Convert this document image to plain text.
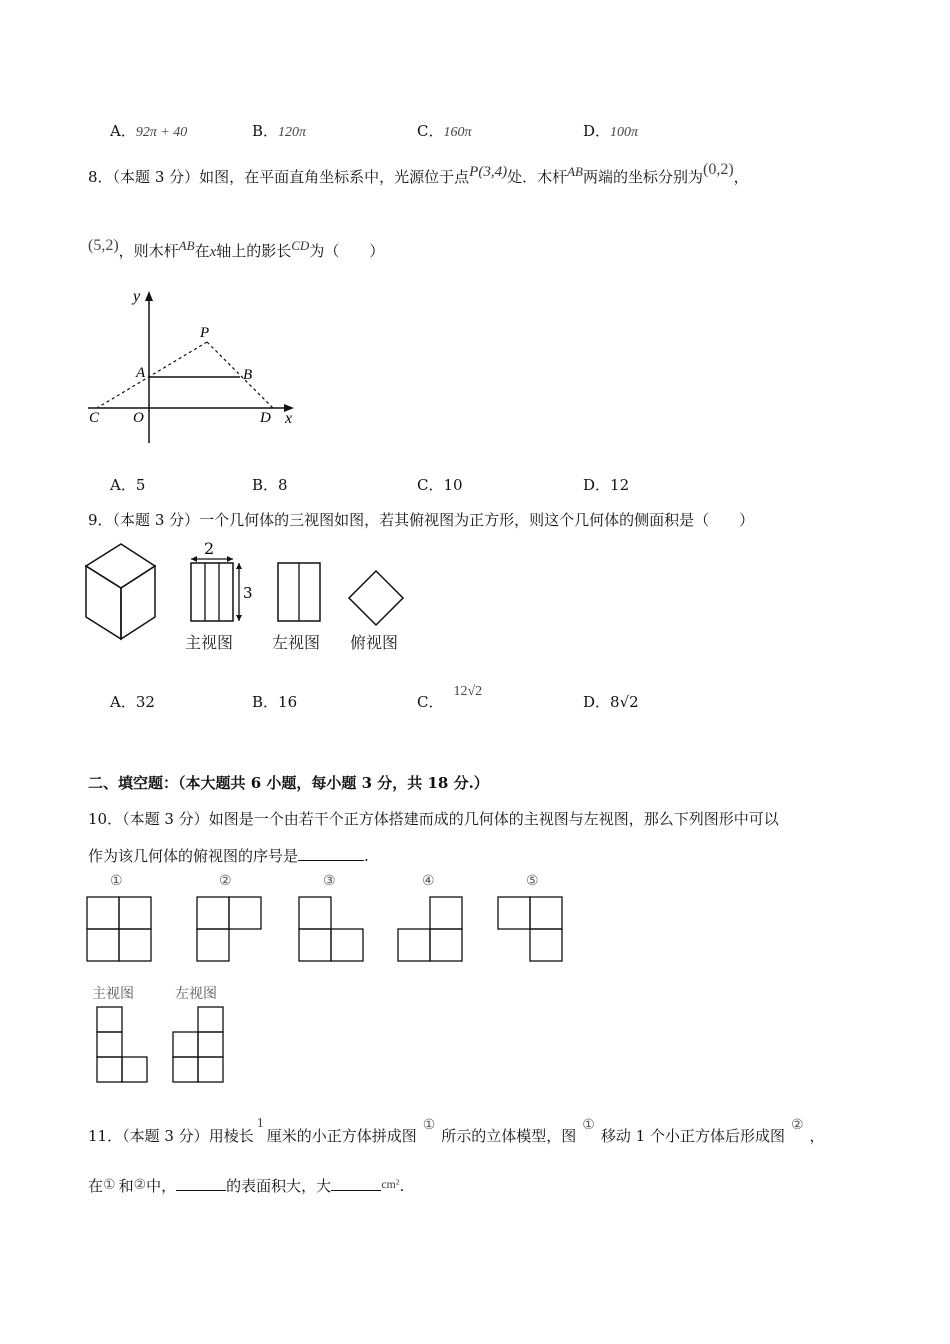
A．92π + 40	B．120π	C．160π	D．100π
8．（本题 3 分）如图，在平面直角坐标系中，光源位于点P(3,4)处．木杆AB两端的坐标分别为(0,2)，
(5,2)，则木杆AB在x轴上的影长CD为（　　）
y
x
P
A	B
C O	D
A．5	B．8	C．10	D．12
9．（本题 3 分）一个几何体的三视图如图，若其俯视图为正方形，则这个几何体的侧面积是（　　）
2
3
主视图 左视图 俯视图
A．32	B．16	C．12√2
D．8√2
二、填空题：（本大题共 6 小题，每小题 3 分，共 18 分.）
10．（本题 3 分）如图是一个由若干个正方体搭建而成的几何体的主视图与左视图，那么下列图形中可以
作为该几何体的俯视图的序号是	.
①	②	③	④	⑤
主视图	左视图
11．（本题 3 分）用棱长1厘米的小正方体拼成图①所示的立体模型，图①移动 1 个小正方体后形成图②，
在① 和②中，	的表面积大，大	$^{cm^2}$.
